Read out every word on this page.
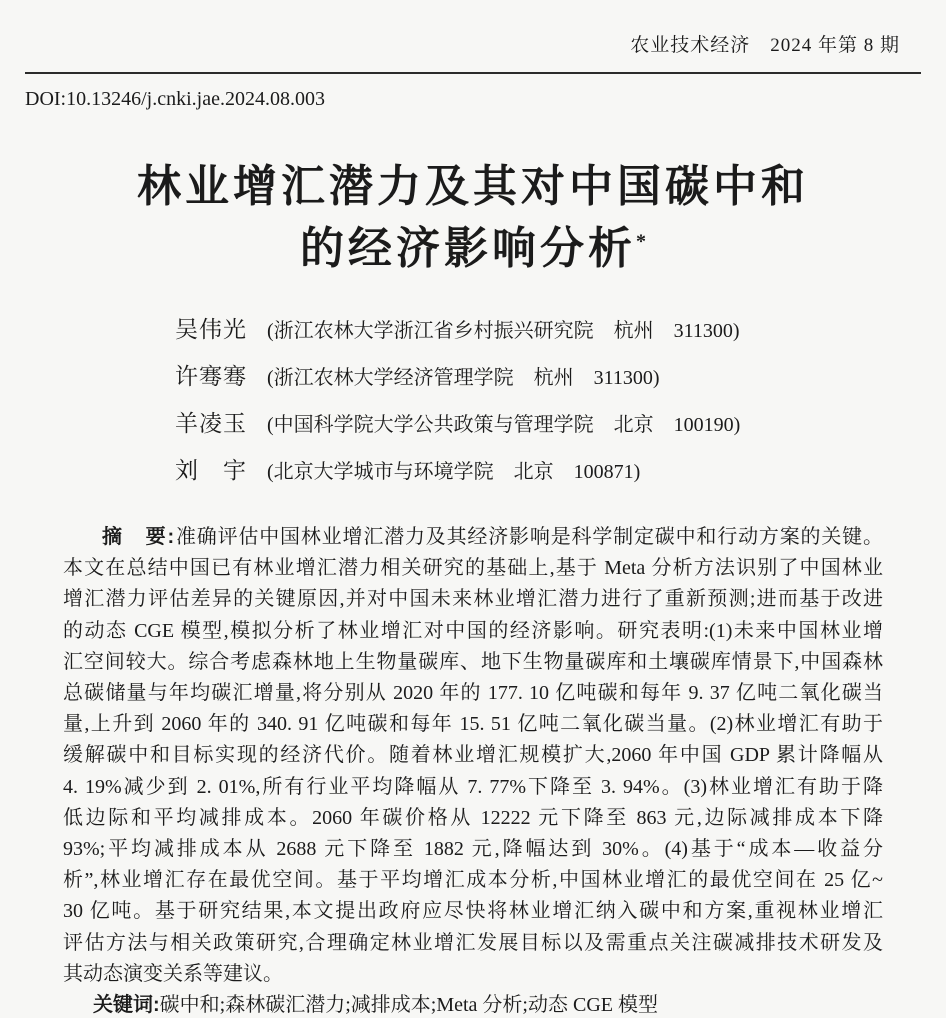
农业技术经济　2024 年第 8 期
DOI:10.13246/j.cnki.jae.2024.08.003
林业增汇潜力及其对中国碳中和
的经济影响分析*
吴伟光 (浙江农林大学浙江省乡村振兴研究院　杭州　311300)
许骞骞 (浙江农林大学经济管理学院　杭州　311300)
羊凌玉 (中国科学院大学公共政策与管理学院　北京　100190)
刘　宇 (北京大学城市与环境学院　北京　100871)
摘　要:准确评估中国林业增汇潜力及其经济影响是科学制定碳中和行动方案的关键。
本文在总结中国已有林业增汇潜力相关研究的基础上,基于 Meta 分析方法识别了中国林业
增汇潜力评估差异的关键原因,并对中国未来林业增汇潜力进行了重新预测;进而基于改进
的动态 CGE 模型,模拟分析了林业增汇对中国的经济影响。研究表明:(1)未来中国林业增
汇空间较大。综合考虑森林地上生物量碳库、地下生物量碳库和土壤碳库情景下,中国森林
总碳储量与年均碳汇增量,将分别从 2020 年的 177. 10 亿吨碳和每年 9. 37 亿吨二氧化碳当
量,上升到 2060 年的 340. 91 亿吨碳和每年 15. 51 亿吨二氧化碳当量。(2)林业增汇有助于
缓解碳中和目标实现的经济代价。随着林业增汇规模扩大,2060 年中国 GDP 累计降幅从
4. 19%减少到 2. 01%,所有行业平均降幅从 7. 77%下降至 3. 94%。(3)林业增汇有助于降
低边际和平均减排成本。2060 年碳价格从 12222 元下降至 863 元,边际减排成本下降
93%;平均减排成本从 2688 元下降至 1882 元,降幅达到 30%。(4)基于“成本—收益分
析”,林业增汇存在最优空间。基于平均增汇成本分析,中国林业增汇的最优空间在 25 亿~
30 亿吨。基于研究结果,本文提出政府应尽快将林业增汇纳入碳中和方案,重视林业增汇
评估方法与相关政策研究,合理确定林业增汇发展目标以及需重点关注碳减排技术研发及
其动态演变关系等建议。
关键词:碳中和;森林碳汇潜力;减排成本;Meta 分析;动态 CGE 模型
